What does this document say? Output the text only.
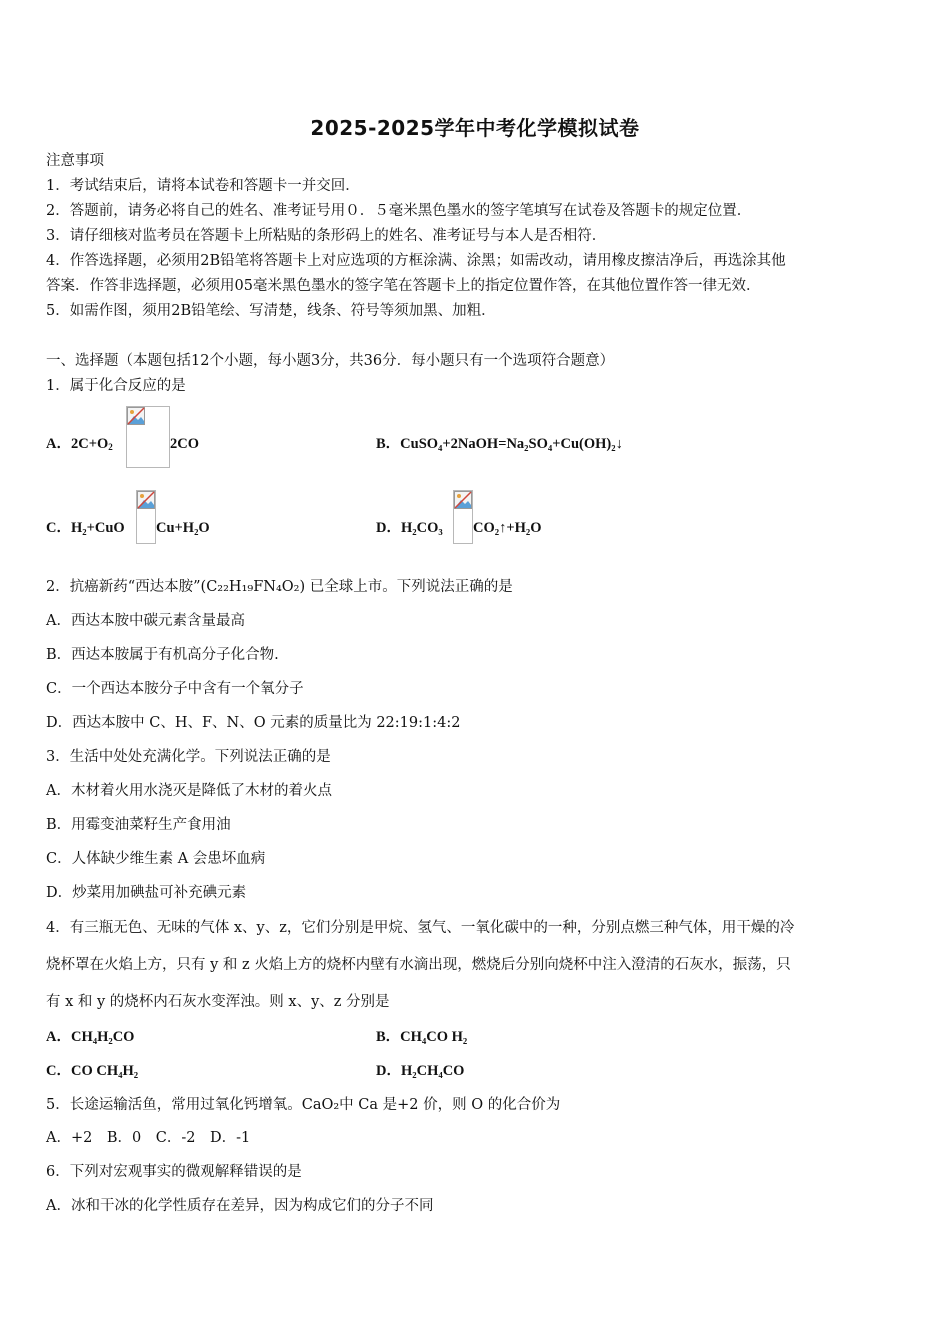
2025-2025学年中考化学模拟试卷
注意事项
1．考试结束后，请将本试卷和答题卡一并交回．
2．答题前，请务必将自己的姓名、准考证号用０．５毫米黑色墨水的签字笔填写在试卷及答题卡的规定位置．
3．请仔细核对监考员在答题卡上所粘贴的条形码上的姓名、准考证号与本人是否相符．
4．作答选择题，必须用2B铅笔将答题卡上对应选项的方框涂满、涂黑；如需改动，请用橡皮擦洁净后，再选涂其他
答案．作答非选择题，必须用05毫米黑色墨水的签字笔在答题卡上的指定位置作答，在其他位置作答一律无效．
5．如需作图，须用2B铅笔绘、写清楚，线条、符号等须加黑、加粗．
一、选择题（本题包括12个小题，每小题3分，共36分．每小题只有一个选项符合题意）
1．属于化合反应的是
A．$2C+O_2$	2CO	B．CuSO₄+2NaOH=Na₂SO₄+Cu(OH)₂↓
C．H₂+CuO Cu+H₂O	D．H₂CO₃ CO₂↑+H₂O
2．抗癌新药“西达本胺”(C₂₂H₁₉FN₄O₂) 已全球上市。下列说法正确的是
A．西达本胺中碳元素含量最高
B．西达本胺属于有机高分子化合物.
C．一个西达本胺分子中含有一个氧分子
D．西达本胺中 C、H、F、N、O 元素的质量比为 22:19:1:4:2
3．生活中处处充满化学。下列说法正确的是
A．木材着火用水浇灭是降低了木材的着火点
B．用霉变油菜籽生产食用油
C．人体缺少维生素 A 会患坏血病
D．炒菜用加碘盐可补充碘元素
4．有三瓶无色、无味的气体 x、y、z，它们分别是甲烷、氢气、一氧化碳中的一种，分别点燃三种气体，用干燥的冷
烧杯罩在火焰上方，只有 y 和 z 火焰上方的烧杯内壁有水滴出现，燃烧后分别向烧杯中注入澄清的石灰水，振荡，只
有 x 和 y 的烧杯内石灰水变浑浊。则 x、y、z 分别是
A．CH₄H₂CO	B．CH₄CO H₂
C．CO CH₄H₂	D．H₂CH₄CO
5．长途运输活鱼，常用过氧化钙增氧。CaO₂中 Ca 是+2 价，则 O 的化合价为
A．+2　B．0　C．-2　D．-1
6．下列对宏观事实的微观解释错误的是
A．冰和干冰的化学性质存在差异，因为构成它们的分子不同
